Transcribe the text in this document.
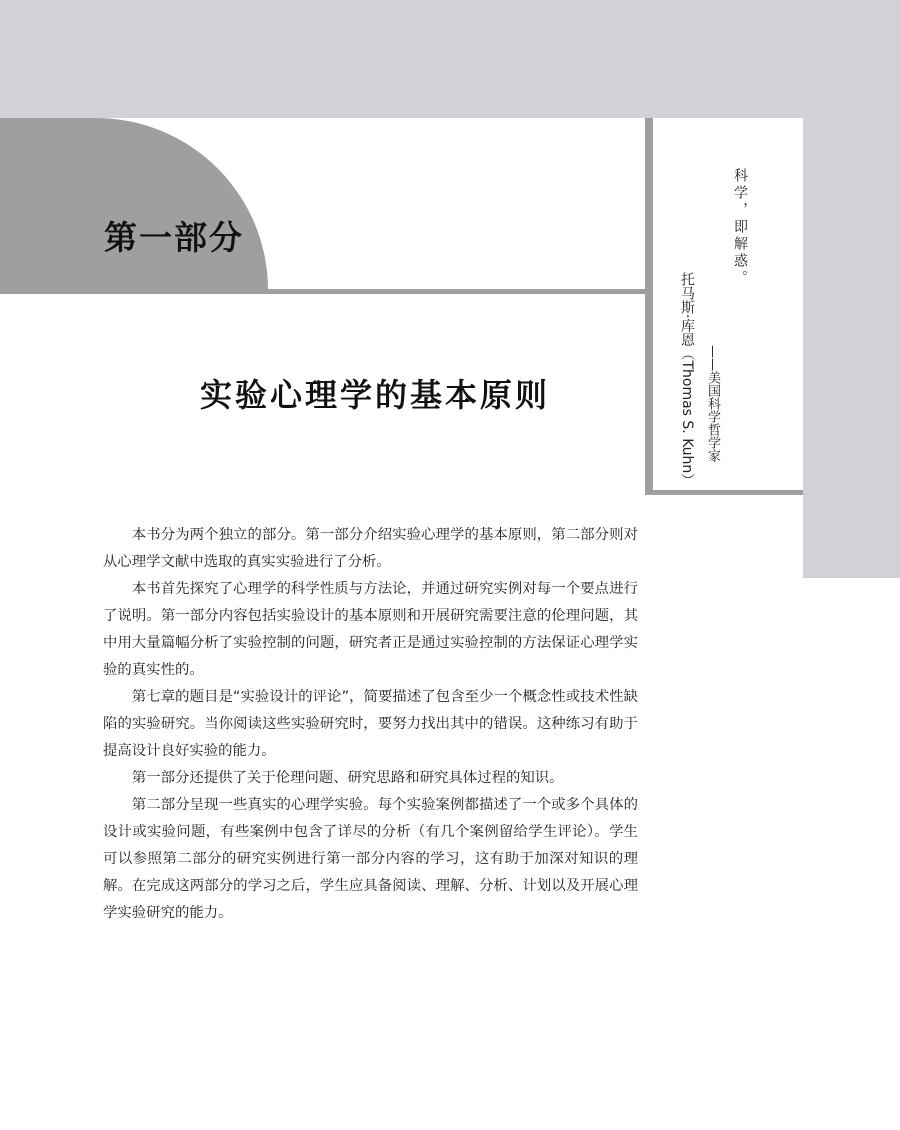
第一部分	科学，即解惑。
——美国科学哲学家
托马斯·库恩（Thomas S. Kuhn）
实验心理学的基本原则

本书分为两个独立的部分。第一部分介绍实验心理学的基本原则，第二部分则对从心理学文献中选取的真实实验进行了分析。

本书首先探究了心理学的科学性质与方法论，并通过研究实例对每一个要点进行了说明。第一部分内容包括实验设计的基本原则和开展研究需要注意的伦理问题，其中用大量篇幅分析了实验控制的问题，研究者正是通过实验控制的方法保证心理学实验的真实性的。

第七章的题目是“实验设计的评论”，简要描述了包含至少一个概念性或技术性缺陷的实验研究。当你阅读这些实验研究时，要努力找出其中的错误。这种练习有助于提高设计良好实验的能力。

第一部分还提供了关于伦理问题、研究思路和研究具体过程的知识。

第二部分呈现一些真实的心理学实验。每个实验案例都描述了一个或多个具体的设计或实验问题，有些案例中包含了详尽的分析（有几个案例留给学生评论）。学生可以参照第二部分的研究实例进行第一部分内容的学习，这有助于加深对知识的理解。在完成这两部分的学习之后，学生应具备阅读、理解、分析、计划以及开展心理学实验研究的能力。
